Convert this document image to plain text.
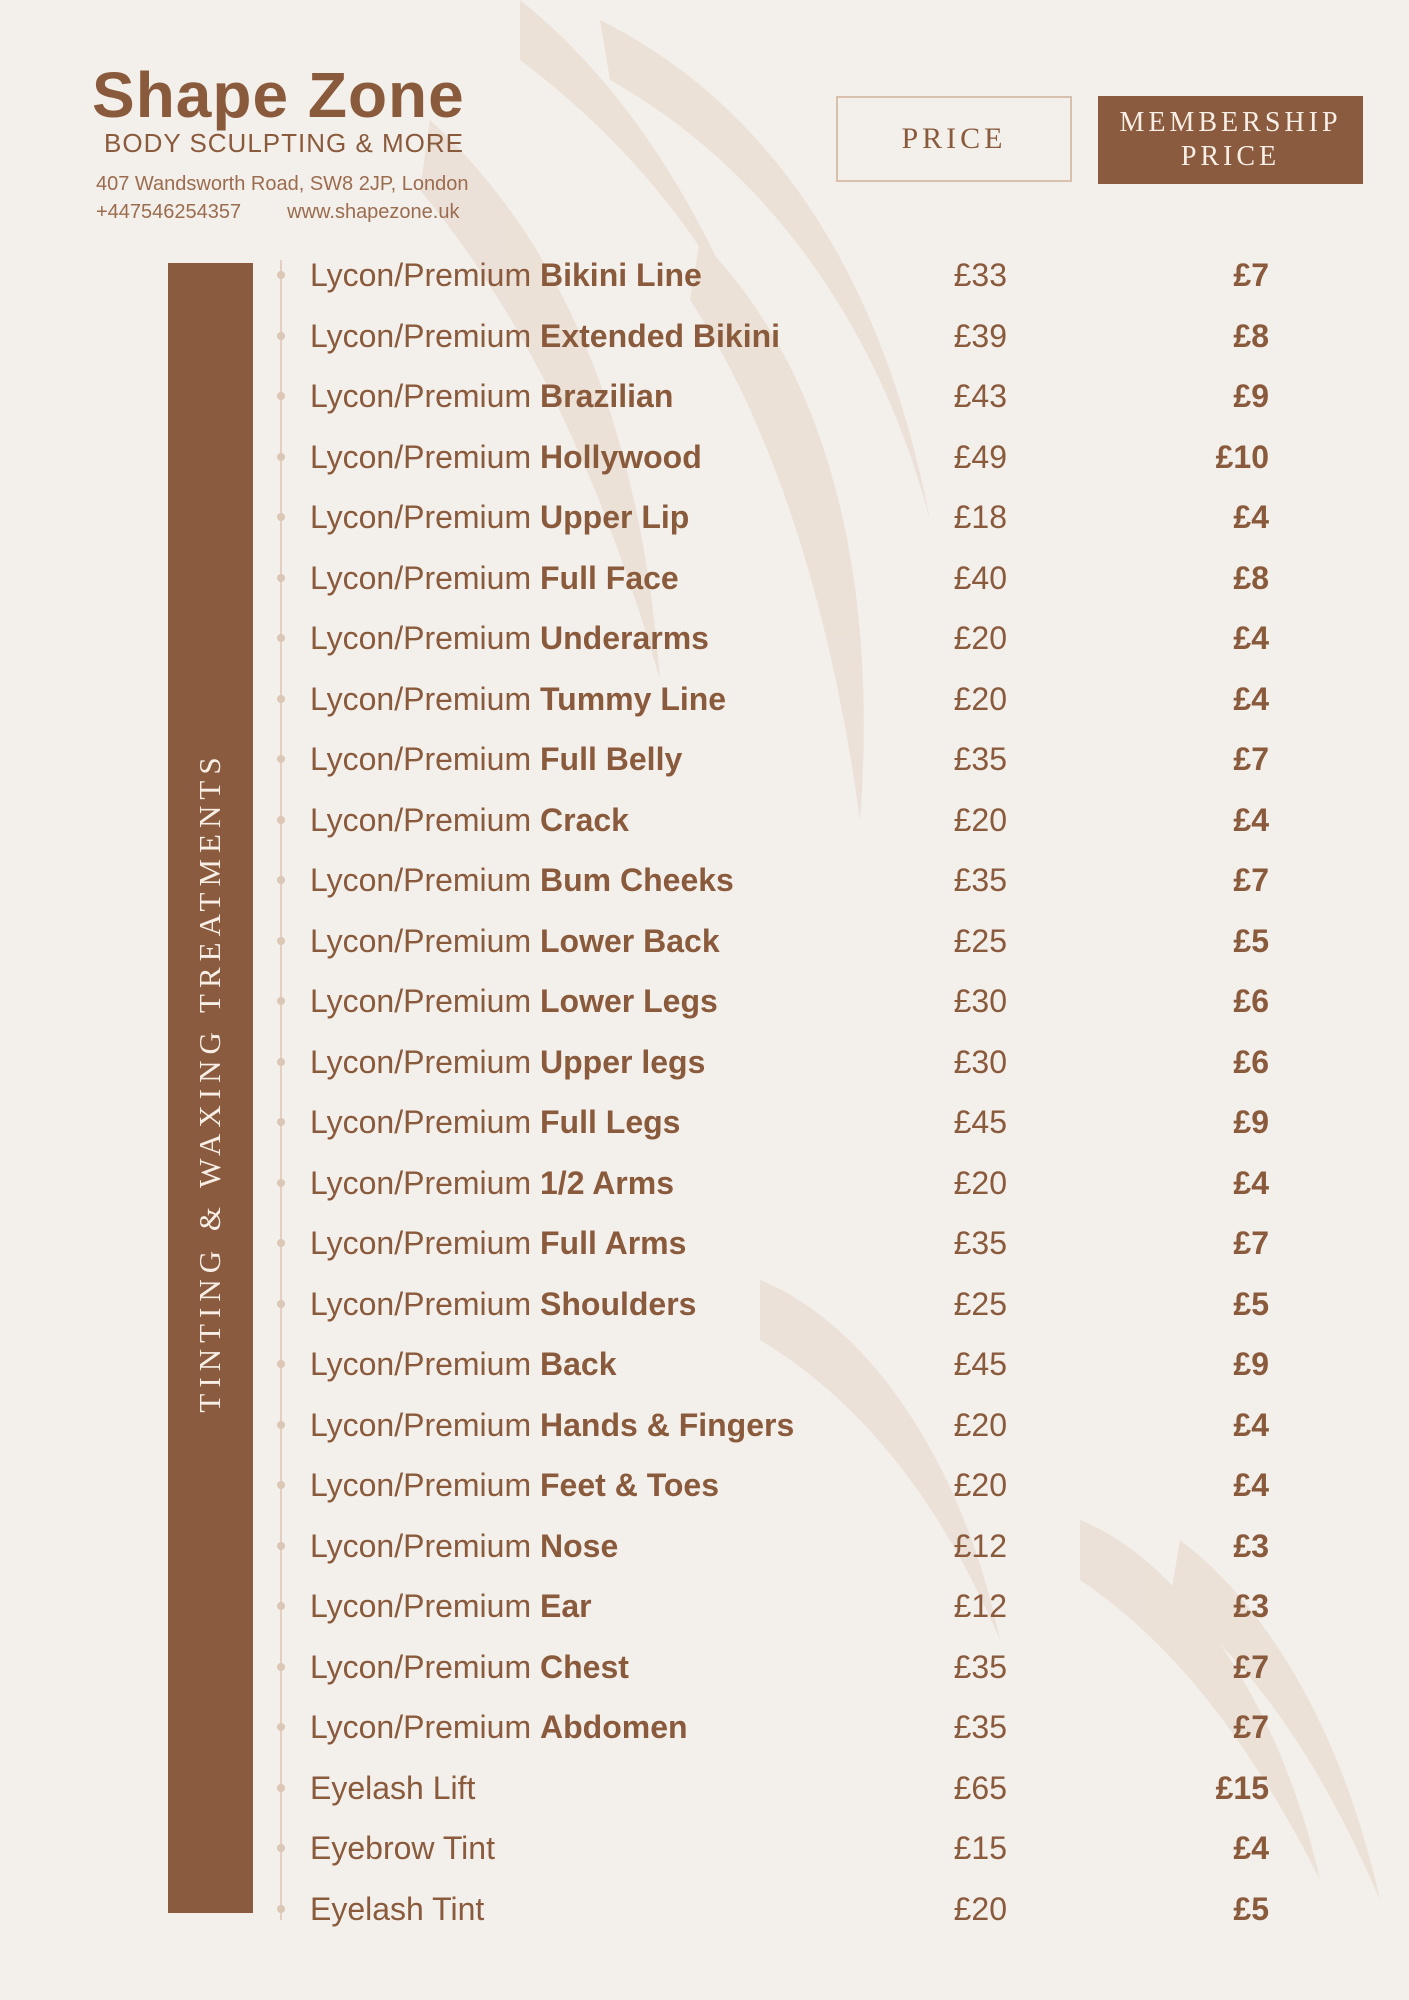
Shape Zone
BODY SCULPTING & MORE
407 Wandsworth Road, SW8 2JP, London
+447546254357 www.shapezone.uk
PRICE	MEMBERSHIP
PRICE
TINTING & WAXING TREATMENTS
Lycon/Premium Bikini Line	£33	£7
Lycon/Premium Extended Bikini	£39	£8
Lycon/Premium Brazilian	£43	£9
Lycon/Premium Hollywood	£49	£10
Lycon/Premium Upper Lip	£18	£4
Lycon/Premium Full Face	£40	£8
Lycon/Premium Underarms	£20	£4
Lycon/Premium Tummy Line	£20	£4
Lycon/Premium Full Belly	£35	£7
Lycon/Premium Crack	£20	£4
Lycon/Premium Bum Cheeks	£35	£7
Lycon/Premium Lower Back	£25	£5
Lycon/Premium Lower Legs	£30	£6
Lycon/Premium Upper legs	£30	£6
Lycon/Premium Full Legs	£45	£9
Lycon/Premium 1/2 Arms	£20	£4
Lycon/Premium Full Arms	£35	£7
Lycon/Premium Shoulders	£25	£5
Lycon/Premium Back	£45	£9
Lycon/Premium Hands & Fingers	£20	£4
Lycon/Premium Feet & Toes	£20	£4
Lycon/Premium Nose	£12	£3
Lycon/Premium Ear	£12	£3
Lycon/Premium Chest	£35	£7
Lycon/Premium Abdomen	£35	£7
Eyelash Lift	£65	£15
Eyebrow Tint	£15	£4
Eyelash Tint	£20	£5
